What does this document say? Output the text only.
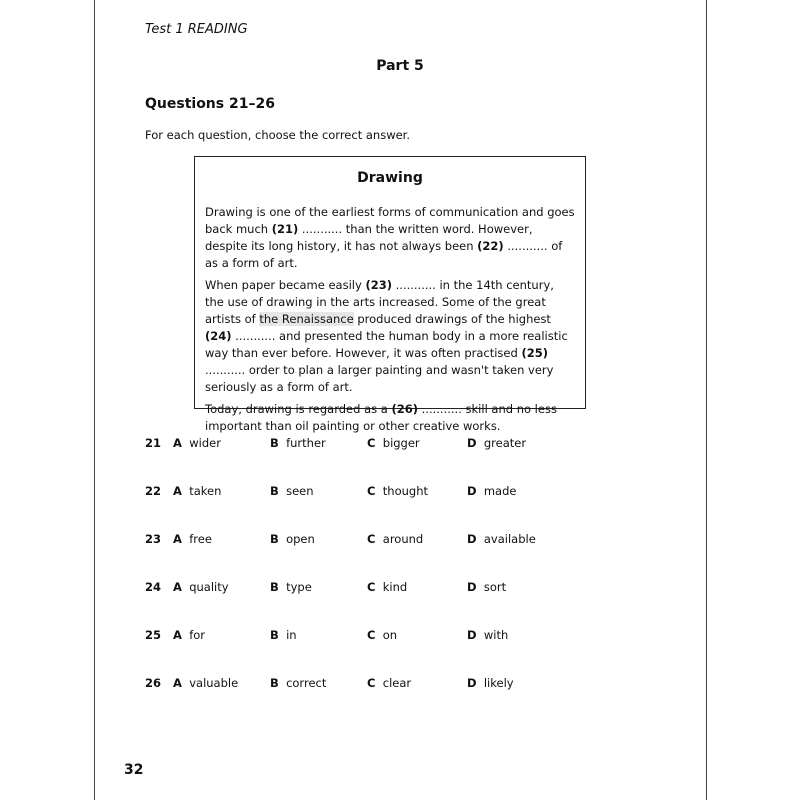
Test 1 READING
Part 5
Questions 21–26
For each question, choose the correct answer.
Drawing

Drawing is one of the earliest forms of communication and goes back much (21) ........... than the written word. However, despite its long history, it has not always been (22) ........... of as a form of art.

When paper became easily (23) ........... in the 14th century, the use of drawing in the arts increased. Some of the great artists of the Renaissance produced drawings of the highest (24) ........... and presented the human body in a more realistic way than ever before. However, it was often practised (25) ........... order to plan a larger painting and wasn't taken very seriously as a form of art.

Today, drawing is regarded as a (26) ........... skill and no less important than oil painting or other creative works.

21 A wider	B further	C bigger	D greater
22 A taken	B seen	C thought	D made
23 A free	B open	C around	D available
24 A quality	B type	C kind	D sort
25 A for	B in	C on	D with
26 A valuable	B correct	C clear	D likely
32
